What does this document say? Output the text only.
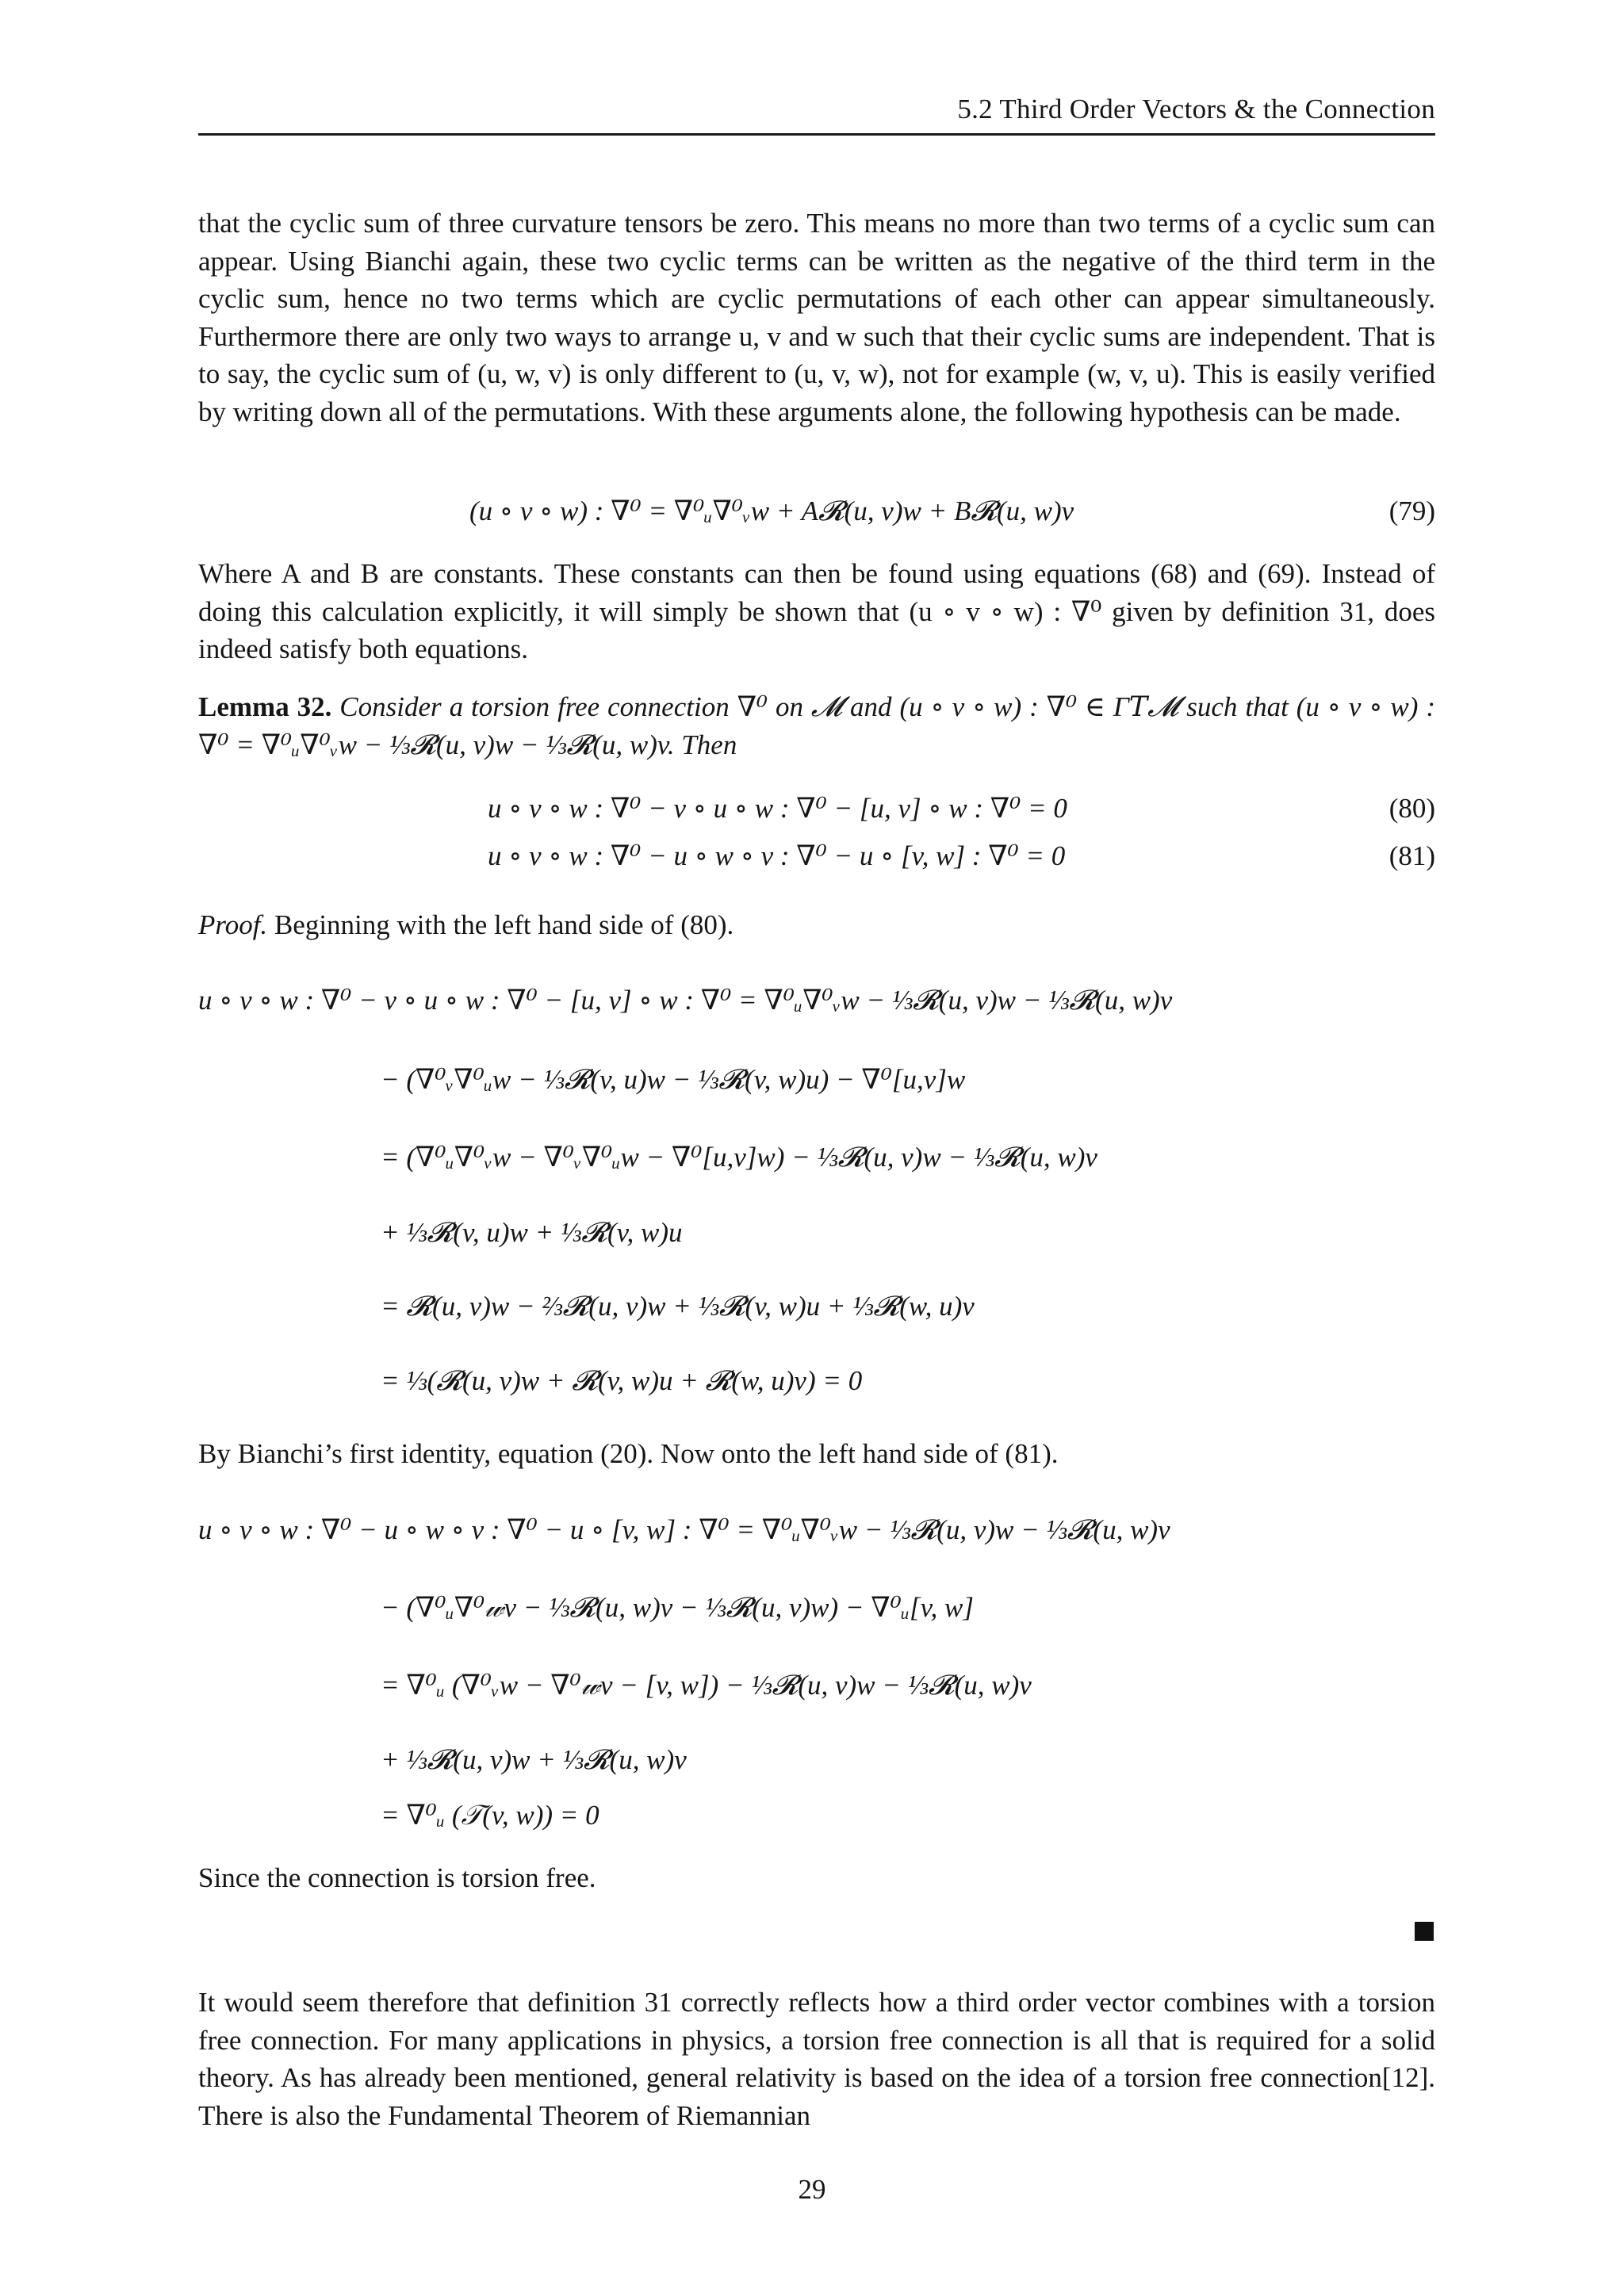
5.2 Third Order Vectors & the Connection

that the cyclic sum of three curvature tensors be zero. This means no more than two terms of a cyclic sum can appear. Using Bianchi again, these two cyclic terms can be written as the negative of the third term in the cyclic sum, hence no two terms which are cyclic permutations of each other can appear simultaneously. Furthermore there are only two ways to arrange u, v and w such that their cyclic sums are independent. That is to say, the cyclic sum of (u, w, v) is only different to (u, v, w), not for example (w, v, u). This is easily verified by writing down all of the permutations. With these arguments alone, the following hypothesis can be made.

(u ∘ v ∘ w) : ∇⁰ = ∇⁰ᵤ∇⁰ᵥw + A𝓡(u, v)w + B𝓡(u, w)v	(79)

Where A and B are constants. These constants can then be found using equations (68) and (69). Instead of doing this calculation explicitly, it will simply be shown that (u ∘ v ∘ w) : ∇⁰ given by definition 31, does indeed satisfy both equations.

Lemma 32. Consider a torsion free connection ∇⁰ on 𝓜 and (u ∘ v ∘ w) : ∇⁰ ∈ Γ𝑇𝓜 such that (u ∘ v ∘ w) : ∇⁰ = ∇⁰ᵤ∇⁰ᵥw − ⅓𝓡(u, v)w − ⅓𝓡(u, w)v. Then

u ∘ v ∘ w : ∇⁰ − v ∘ u ∘ w : ∇⁰ − [u, v] ∘ w : ∇⁰ = 0	(80)
u ∘ v ∘ w : ∇⁰ − u ∘ w ∘ v : ∇⁰ − u ∘ [v, w] : ∇⁰ = 0	(81)

Proof. Beginning with the left hand side of (80).

u ∘ v ∘ w : ∇⁰ − v ∘ u ∘ w : ∇⁰ − [u, v] ∘ w : ∇⁰ = ∇⁰ᵤ∇⁰ᵥw − ⅓𝓡(u, v)w − ⅓𝓡(u, w)v
− (∇⁰ᵥ∇⁰ᵤw − ⅓𝓡(v, u)w − ⅓𝓡(v, w)u) − ∇⁰[u,v]w
= (∇⁰ᵤ∇⁰ᵥw − ∇⁰ᵥ∇⁰ᵤw − ∇⁰[u,v]w) − ⅓𝓡(u, v)w − ⅓𝓡(u, w)v
+ ⅓𝓡(v, u)w + ⅓𝓡(v, w)u
= 𝓡(u, v)w − ⅔𝓡(u, v)w + ⅓𝓡(v, w)u + ⅓𝓡(w, u)v
= ⅓(𝓡(u, v)w + 𝓡(v, w)u + 𝓡(w, u)v) = 0

By Bianchi’s first identity, equation (20). Now onto the left hand side of (81).

u ∘ v ∘ w : ∇⁰ − u ∘ w ∘ v : ∇⁰ − u ∘ [v, w] : ∇⁰ = ∇⁰ᵤ∇⁰ᵥw − ⅓𝓡(u, v)w − ⅓𝓡(u, w)v
− (∇⁰ᵤ∇⁰𝓌v − ⅓𝓡(u, w)v − ⅓𝓡(u, v)w) − ∇⁰ᵤ[v, w]
= ∇⁰ᵤ (∇⁰ᵥw − ∇⁰𝓌v − [v, w]) − ⅓𝓡(u, v)w − ⅓𝓡(u, w)v
+ ⅓𝓡(u, v)w + ⅓𝓡(u, w)v
= ∇⁰ᵤ (𝒯(v, w)) = 0

Since the connection is torsion free.

It would seem therefore that definition 31 correctly reflects how a third order vector combines with a torsion free connection. For many applications in physics, a torsion free connection is all that is required for a solid theory. As has already been mentioned, general relativity is based on the idea of a torsion free connection[12]. There is also the Fundamental Theorem of Riemannian

29
